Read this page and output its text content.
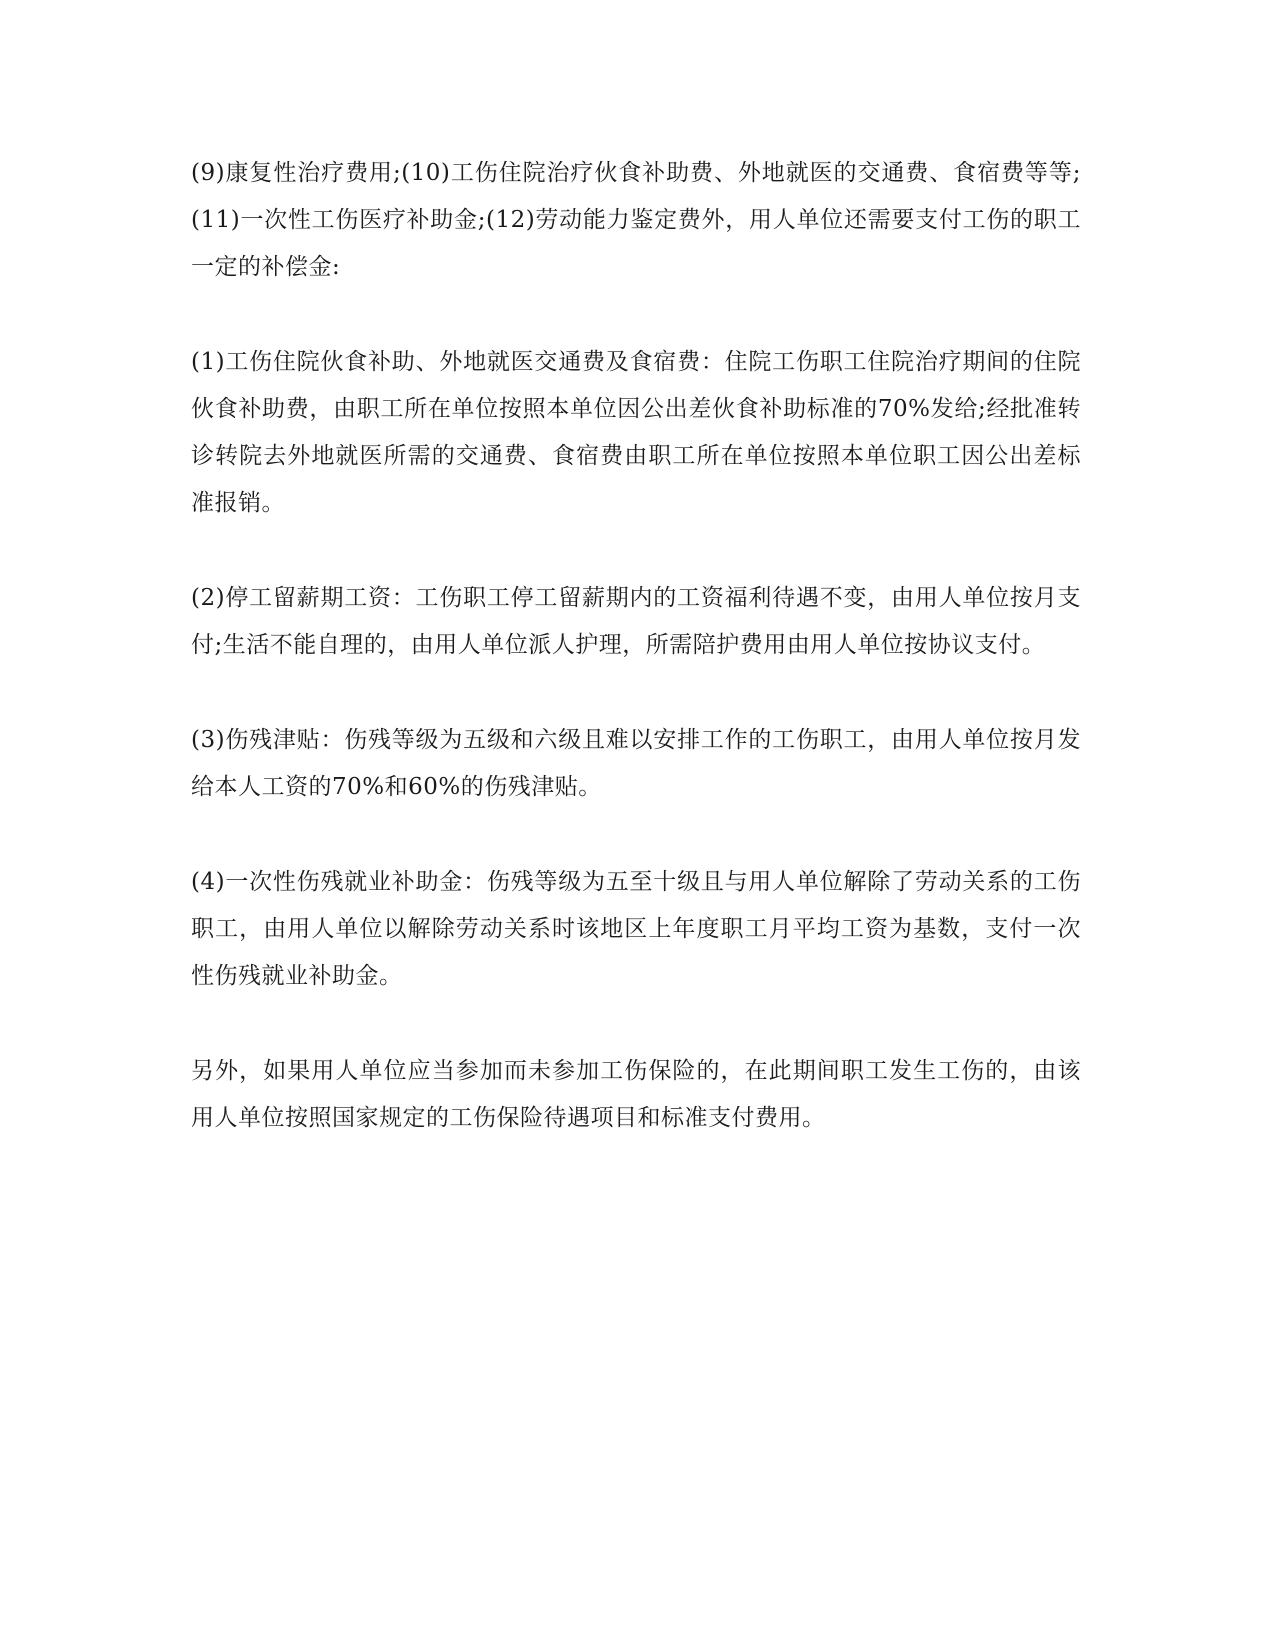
(9)康复性治疗费用;(10)工伤住院治疗伙食补助费、外地就医的交通费、食宿费等等;(11)一次性工伤医疗补助金;(12)劳动能力鉴定费外，用人单位还需要支付工伤的职工一定的补偿金:

(1)工伤住院伙食补助、外地就医交通费及食宿费：住院工伤职工住院治疗期间的住院伙食补助费，由职工所在单位按照本单位因公出差伙食补助标准的70%发给;经批准转诊转院去外地就医所需的交通费、食宿费由职工所在单位按照本单位职工因公出差标准报销。

(2)停工留薪期工资：工伤职工停工留薪期内的工资福利待遇不变，由用人单位按月支付;生活不能自理的，由用人单位派人护理，所需陪护费用由用人单位按协议支付。

(3)伤残津贴：伤残等级为五级和六级且难以安排工作的工伤职工，由用人单位按月发给本人工资的70%和60%的伤残津贴。

(4)一次性伤残就业补助金：伤残等级为五至十级且与用人单位解除了劳动关系的工伤职工，由用人单位以解除劳动关系时该地区上年度职工月平均工资为基数，支付一次性伤残就业补助金。

另外，如果用人单位应当参加而未参加工伤保险的，在此期间职工发生工伤的，由该用人单位按照国家规定的工伤保险待遇项目和标准支付费用。
